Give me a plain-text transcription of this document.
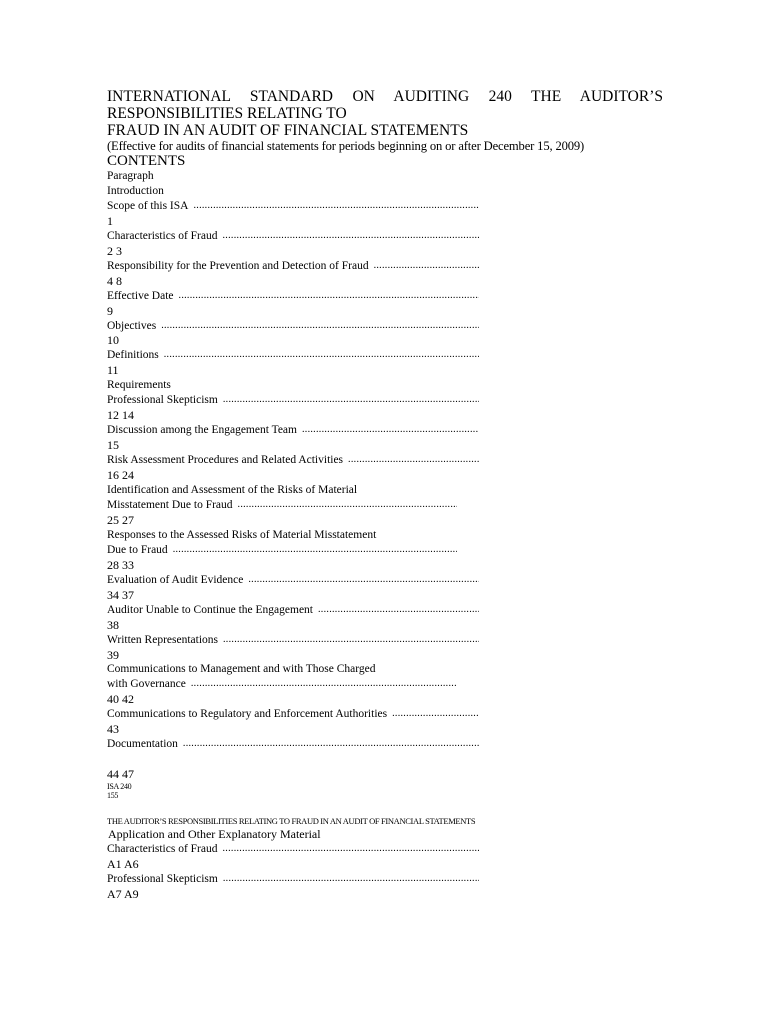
INTERNATIONAL STANDARD ON AUDITING 240 THE AUDITOR’S

RESPONSIBILITIES RELATING TO

FRAUD IN AN AUDIT OF FINANCIAL STATEMENTS

(Effective for audits of financial statements for periods beginning on or after December 15, 2009)

CONTENTS

Paragraph

Introduction

Scope of this ISA
.....

1

Characteristics of Fraud
.....

2 3

Responsibility for the Prevention and Detection of Fraud
.....

4 8

Effective Date
.....

9

Objectives
.....

10

Definitions
.....

11

Requirements

Professional Skepticism
.....

12 14

Discussion among the Engagement Team
.....

15

Risk Assessment Procedures and Related Activities
.....

16 24

Identification and Assessment of the Risks of Material

Misstatement Due to Fraud
.....

25 27

Responses to the Assessed Risks of Material Misstatement

Due to Fraud
.....

28 33

Evaluation of Audit Evidence
.....

34 37

Auditor Unable to Continue the Engagement
.....

38

Written Representations
.....

39

Communications to Management and with Those Charged

with Governance
.....

40 42

Communications to Regulatory and Enforcement Authorities
.....

43

Documentation
.....

44 47

ISA 240

155

THE AUDITOR’S RESPONSIBILITIES RELATING TO FRAUD IN AN AUDIT OF FINANCIAL STATEMENTS

Application and Other Explanatory Material

Characteristics of Fraud
.....

A1 A6

Professional Skepticism
.....

A7 A9
